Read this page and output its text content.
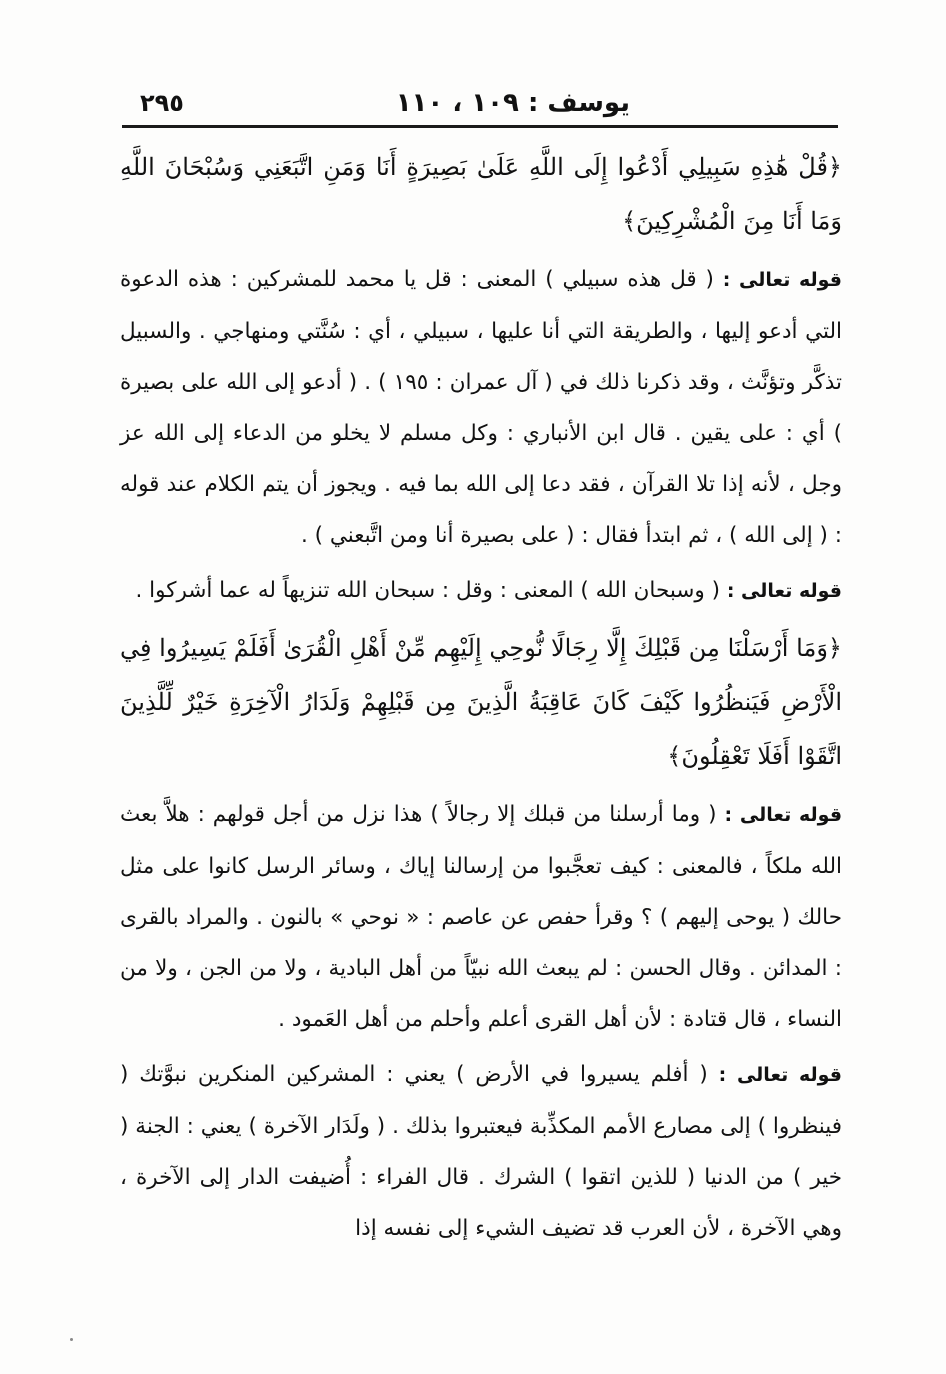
يوسف : ١٠٩ ، ١١٠
٢٩٥

﴿قُلْ هَٰذِهِ سَبِيلِي أَدْعُوا إِلَى اللَّهِ عَلَىٰ بَصِيرَةٍ أَنَا وَمَنِ اتَّبَعَنِي وَسُبْحَانَ اللَّهِ وَمَا أَنَا مِنَ الْمُشْرِكِينَ﴾

قوله تعالى : ( قل هذه سبيلي ) المعنى : قل يا محمد للمشركين : هذه الدعوة التي أدعو إليها ، والطريقة التي أنا عليها ، سبيلي ، أي : سُنَّتي ومنهاجي . والسبيل تذكَّر وتؤنَّث ، وقد ذكرنا ذلك في ( آل عمران : ١٩٥ ) . ( أدعو إلى الله على بصيرة ) أي : على يقين . قال ابن الأنباري : وكل مسلم لا يخلو من الدعاء إلى الله عز وجل ، لأنه إذا تلا القرآن ، فقد دعا إلى الله بما فيه . ويجوز أن يتم الكلام عند قوله : ( إلى الله ) ، ثم ابتدأ فقال : ( على بصيرة أنا ومن اتَّبعني ) .

قوله تعالى : ( وسبحان الله ) المعنى : وقل : سبحان الله تنزيهاً له عما أشركوا .

﴿وَمَا أَرْسَلْنَا مِن قَبْلِكَ إِلَّا رِجَالًا نُّوحِي إِلَيْهِم مِّنْ أَهْلِ الْقُرَىٰ أَفَلَمْ يَسِيرُوا فِي الْأَرْضِ فَيَنظُرُوا كَيْفَ كَانَ عَاقِبَةُ الَّذِينَ مِن قَبْلِهِمْ وَلَدَارُ الْآخِرَةِ خَيْرٌ لِّلَّذِينَ اتَّقَوْا أَفَلَا تَعْقِلُونَ﴾

قوله تعالى : ( وما أرسلنا من قبلك إلا رجالاً ) هذا نزل من أجل قولهم : هلاَّ بعث الله ملكاً ، فالمعنى : كيف تعجَّبوا من إرسالنا إياك ، وسائر الرسل كانوا على مثل حالك ( يوحى إليهم ) ؟ وقرأ حفص عن عاصم : « نوحي » بالنون . والمراد بالقرى : المدائن . وقال الحسن : لم يبعث الله نبيّاً من أهل البادية ، ولا من الجن ، ولا من النساء ، قال قتادة : لأن أهل القرى أعلم وأحلم من أهل العَمود .

قوله تعالى : ( أفلم يسيروا في الأرض ) يعني : المشركين المنكرين نبوَّتك ( فينظروا ) إلى مصارع الأمم المكذِّبة فيعتبروا بذلك . ( ولَدَار الآخرة ) يعني : الجنة ( خير ) من الدنيا ( للذين اتقوا ) الشرك . قال الفراء : أُضيفت الدار إلى الآخرة ، وهي الآخرة ، لأن العرب قد تضيف الشيء إلى نفسه إذا
